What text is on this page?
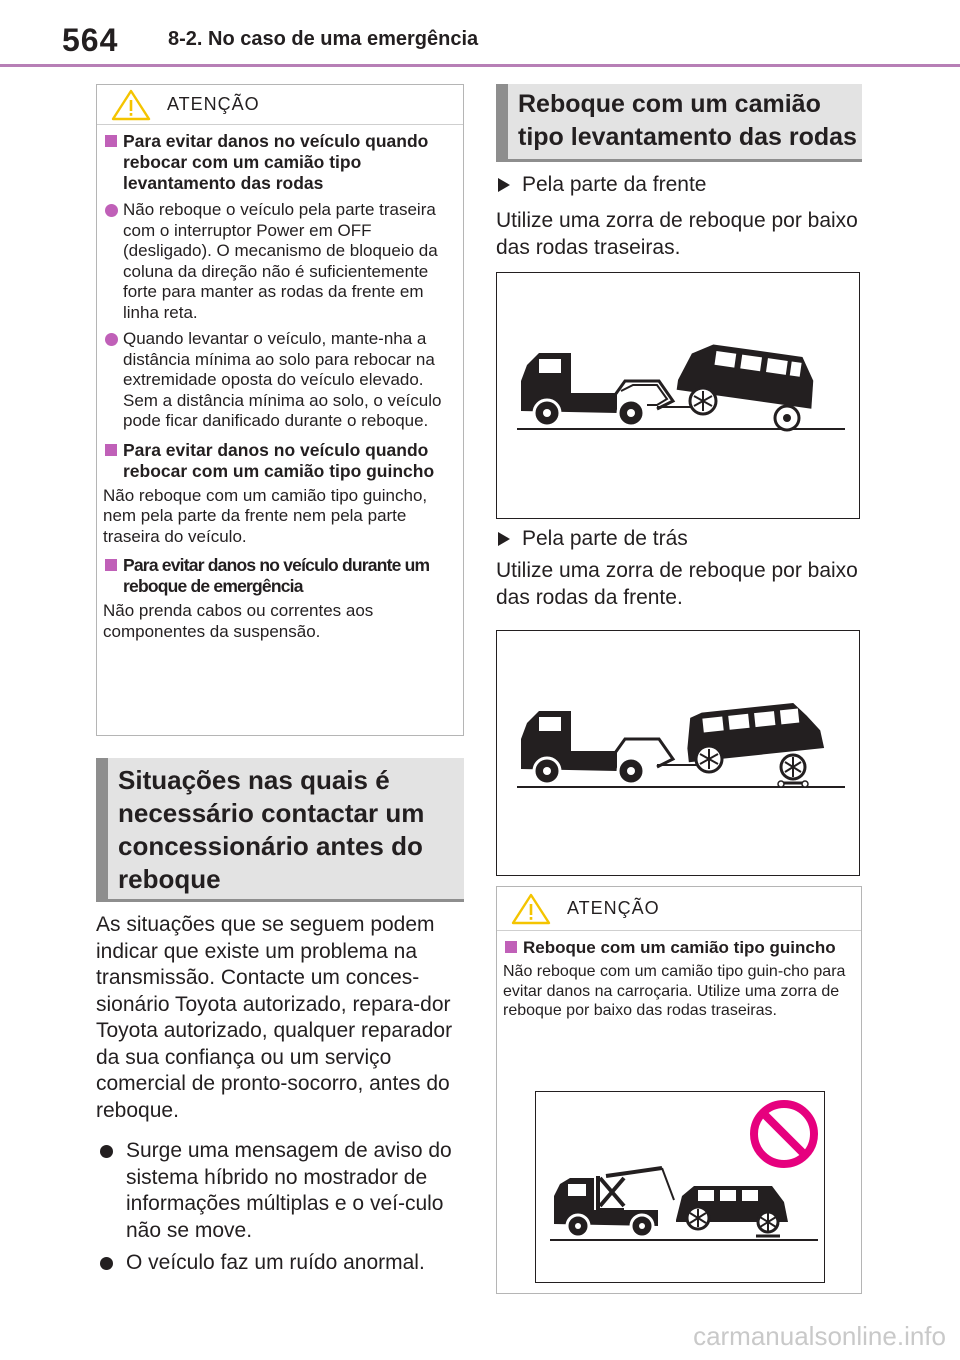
564 8-2. No caso de uma emergência
ATENÇÃO
Para evitar danos no veículo quando rebocar com um camião tipo levantamento das rodas
Não reboque o veículo pela parte traseira com o interruptor Power em OFF (desligado). O mecanismo de bloqueio da coluna da direção não é suficientemente forte para manter as rodas da frente em linha reta.
Quando levantar o veículo, mante-nha a distância mínima ao solo para rebocar na extremidade oposta do veículo elevado. Sem a distância mínima ao solo, o veículo pode ficar danificado durante o reboque.
Para evitar danos no veículo quando rebocar com um camião tipo guincho
Não reboque com um camião tipo guincho, nem pela parte da frente nem pela parte traseira do veículo.
Para evitar danos no veículo durante um reboque de emergência
Não prenda cabos ou correntes aos componentes da suspensão.
Situações nas quais é necessário contactar um concessionário antes do reboque
As situações que se seguem podem indicar que existe um problema na transmissão. Contacte um conces-sionário Toyota autorizado, repara-dor Toyota autorizado, qualquer reparador da sua confiança ou um serviço comercial de pronto-socorro, antes do reboque.
Surge uma mensagem de aviso do sistema híbrido no mostrador de informações múltiplas e o veí-culo não se move.
O veículo faz um ruído anormal.
Reboque com um camião tipo levantamento das rodas
Pela parte da frente
Utilize uma zorra de reboque por baixo das rodas traseiras.
Pela parte de trás
Utilize uma zorra de reboque por baixo das rodas da frente.
ATENÇÃO
Reboque com um camião tipo guincho
Não reboque com um camião tipo guin-cho para evitar danos na carroçaria. Utilize uma zorra de reboque por baixo das rodas traseiras.
carmanualsonline.info
